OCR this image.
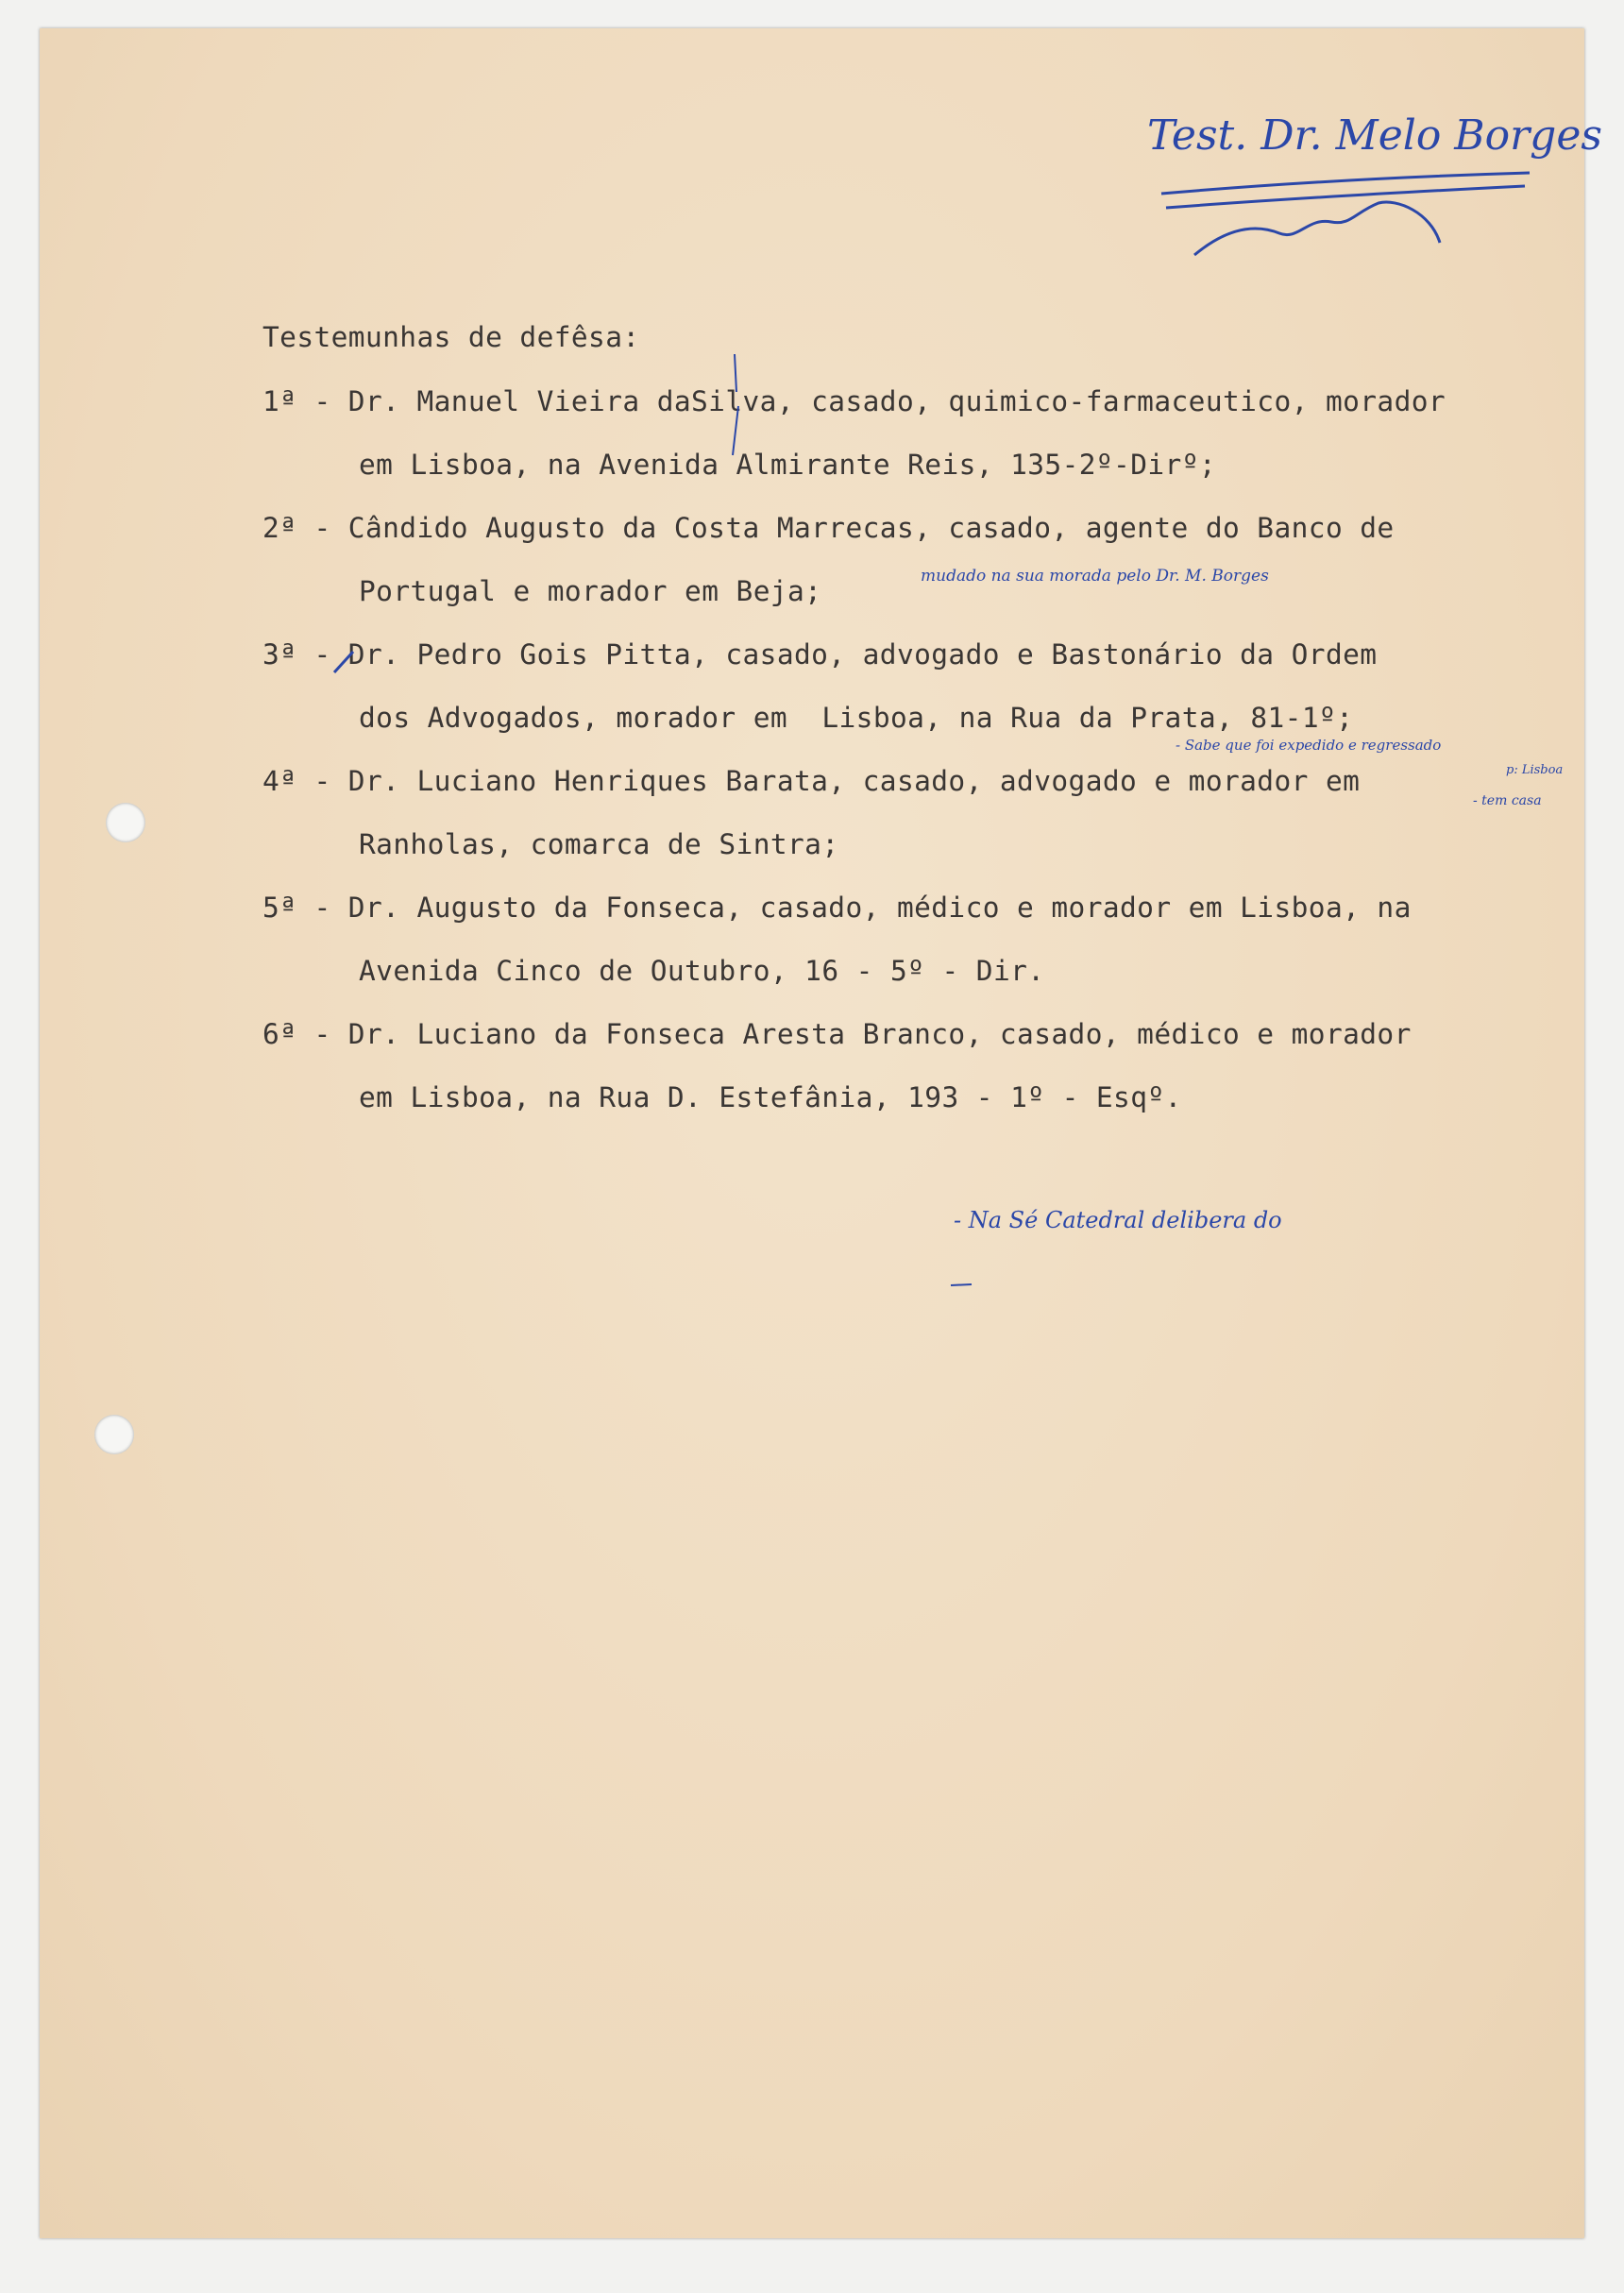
Test. Dr. Melo Borges
Testemunhas de defêsa:
1ª - Dr. Manuel Vieira daSilva, casado, quimico-farmaceutico, morador
em Lisboa, na Avenida Almirante Reis, 135-2º-Dirº;
2ª - Cândido Augusto da Costa Marrecas, casado, agente do Banco de
Portugal e morador em Beja;
3ª - Dr. Pedro Gois Pitta, casado, advogado e Bastonário da Ordem
dos Advogados, morador em  Lisboa, na Rua da Prata, 81-1º;
4ª - Dr. Luciano Henriques Barata, casado, advogado e morador em
Ranholas, comarca de Sintra;
5ª - Dr. Augusto da Fonseca, casado, médico e morador em Lisboa, na
Avenida Cinco de Outubro, 16 - 5º - Dir.
6ª - Dr. Luciano da Fonseca Aresta Branco, casado, médico e morador
em Lisboa, na Rua D. Estefânia, 193 - 1º - Esqº.
mudado na sua morada pelo Dr. M. Borges
- Sabe que foi expedido e regressado
p: Lisboa
- tem casa
- Na Sé Catedral delibera do
